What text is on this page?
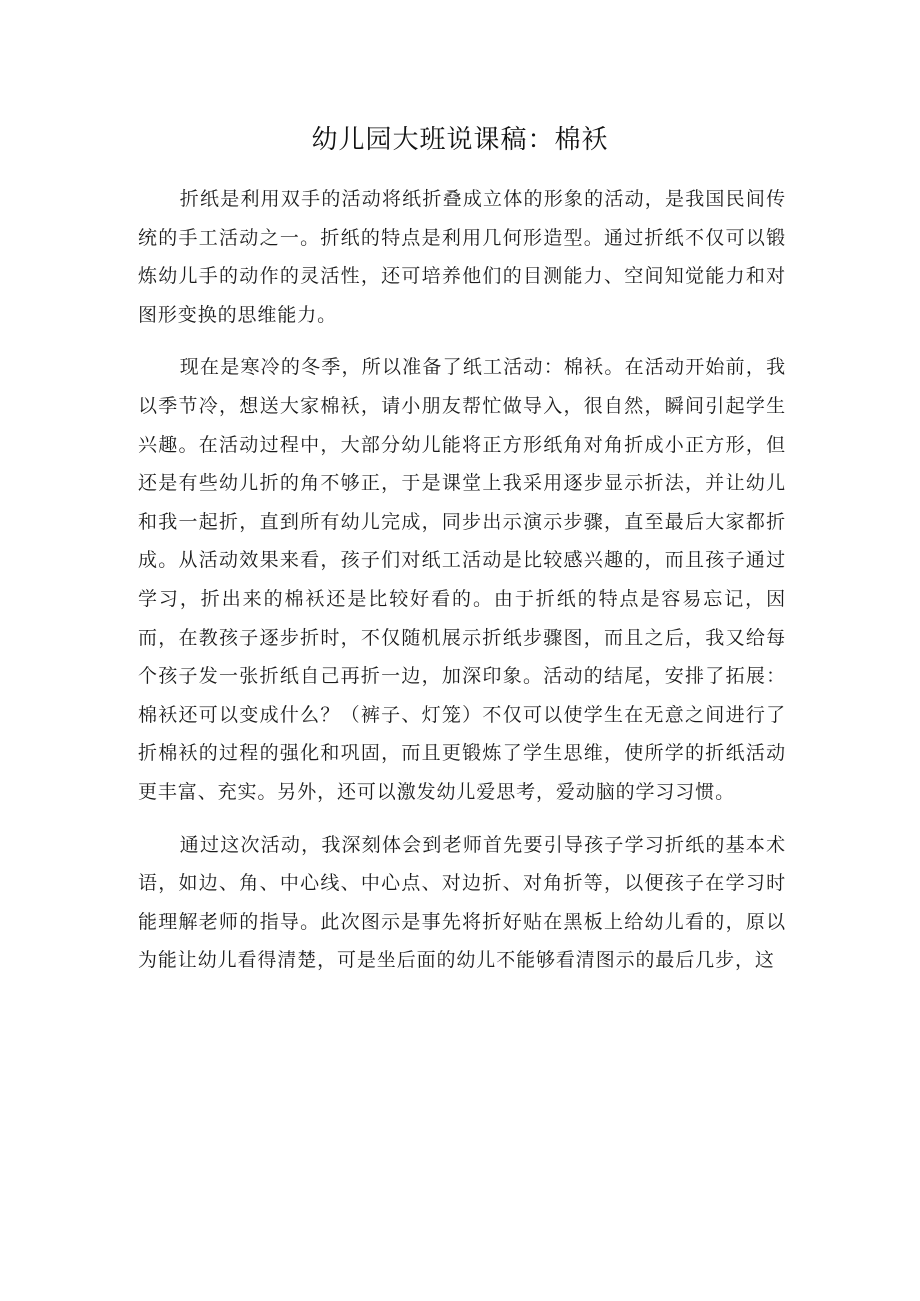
幼儿园大班说课稿：棉袄

折纸是利用双手的活动将纸折叠成立体的形象的活动，是我国民间传统的手工活动之一。折纸的特点是利用几何形造型。通过折纸不仅可以锻炼幼儿手的动作的灵活性，还可培养他们的目测能力、空间知觉能力和对图形变换的思维能力。

现在是寒冷的冬季，所以准备了纸工活动：棉袄。在活动开始前，我以季节冷，想送大家棉袄，请小朋友帮忙做导入，很自然，瞬间引起学生兴趣。在活动过程中，大部分幼儿能将正方形纸角对角折成小正方形，但还是有些幼儿折的角不够正，于是课堂上我采用逐步显示折法，并让幼儿和我一起折，直到所有幼儿完成，同步出示演示步骤，直至最后大家都折成。从活动效果来看，孩子们对纸工活动是比较感兴趣的，而且孩子通过学习，折出来的棉袄还是比较好看的。由于折纸的特点是容易忘记，因而，在教孩子逐步折时，不仅随机展示折纸步骤图，而且之后，我又给每个孩子发一张折纸自己再折一边，加深印象。活动的结尾，安排了拓展：棉袄还可以变成什么？（裤子、灯笼）不仅可以使学生在无意之间进行了折棉袄的过程的强化和巩固，而且更锻炼了学生思维，使所学的折纸活动更丰富、充实。另外，还可以激发幼儿爱思考，爱动脑的学习习惯。

通过这次活动，我深刻体会到老师首先要引导孩子学习折纸的基本术语，如边、角、中心线、中心点、对边折、对角折等，以便孩子在学习时能理解老师的指导。此次图示是事先将折好贴在黑板上给幼儿看的，原以为能让幼儿看得清楚，可是坐后面的幼儿不能够看清图示的最后几步，这
